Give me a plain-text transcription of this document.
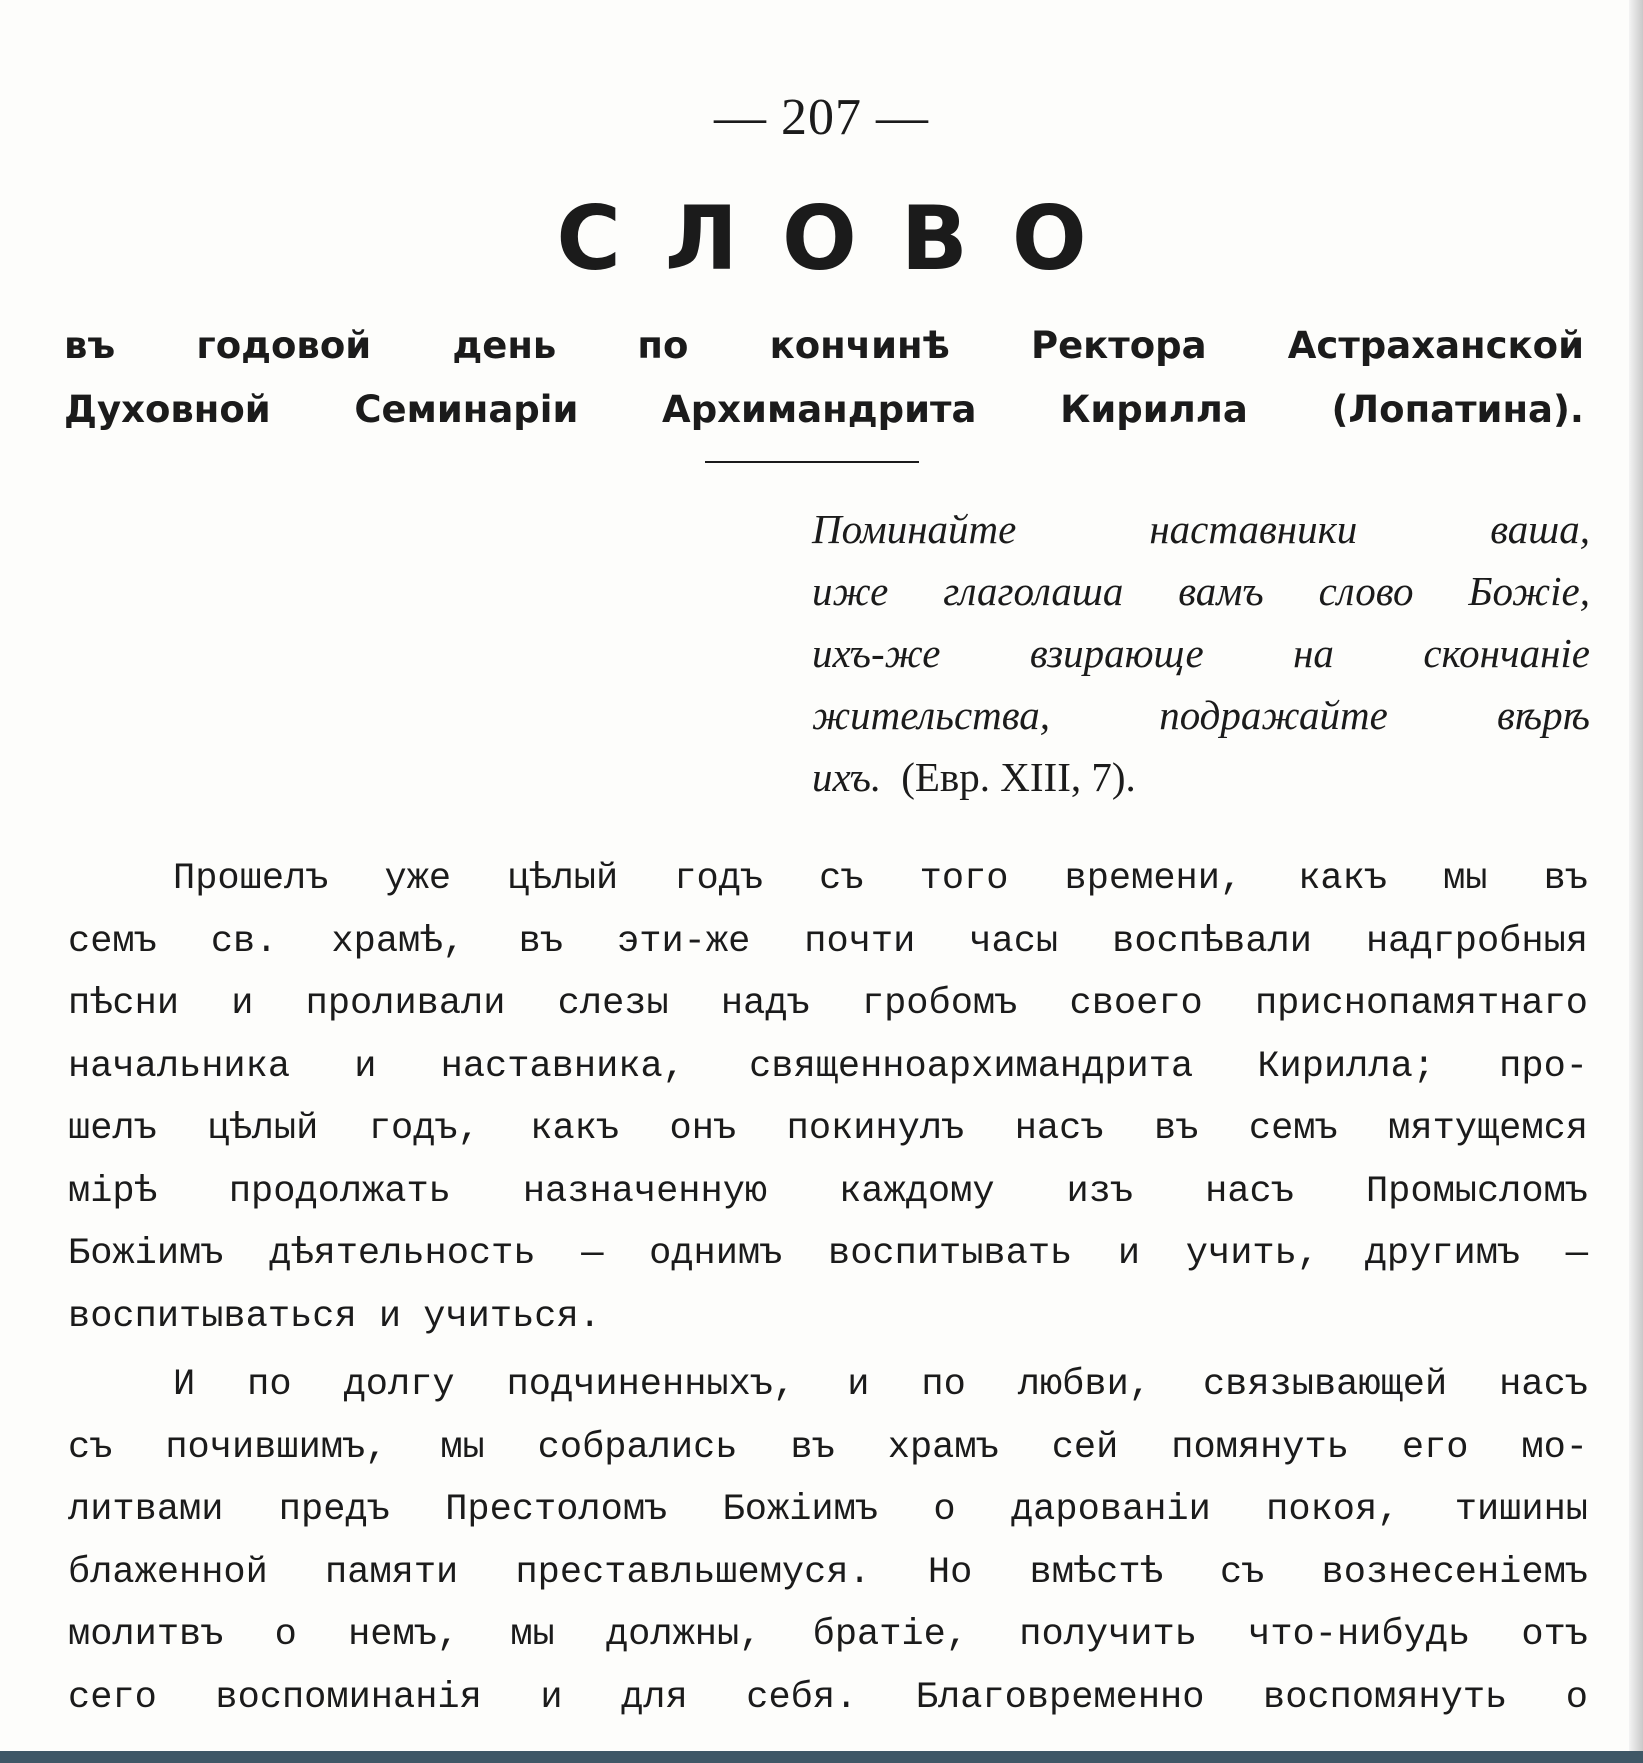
— 207 —
СЛОВО
въ годовой день по кончинѣ Ректора Астраханской
Духовной Семинаріи Архимандрита Кирилла (Лопатина).
Поминайте наставники ваша,
иже глаголаша вамъ слово Божіе,
ихъ-же взирающе на скончаніе
жительства, подражайте вѣрѣ
ихъ. (Евр. XIII, 7).

Прошелъ уже цѣлый годъ съ того времени, какъ мы въ
семъ св. храмѣ, въ эти-же почти часы воспѣвали надгробныя
пѣсни и проливали слезы надъ гробомъ своего приснопамятнаго
начальника и наставника, священноархимандрита Кирилла; про-
шелъ цѣлый годъ, какъ онъ покинулъ насъ въ семъ мятущемся
мірѣ продолжать назначенную каждому изъ насъ Промысломъ
Божіимъ дѣятельность — однимъ воспитывать и учить, другимъ —
воспитываться и учиться.

И по долгу подчиненныхъ, и по любви, связывающей насъ
съ почившимъ, мы собрались въ храмъ сей помянуть его мо-
литвами предъ Престоломъ Божіимъ о дарованіи покоя, тишины
блаженной памяти преставльшемуся. Но вмѣстѣ съ вознесеніемъ
молитвъ о немъ, мы должны, братіе, получить что-нибудь отъ
сего воспоминанія и для себя. Благовременно воспомянуть о
